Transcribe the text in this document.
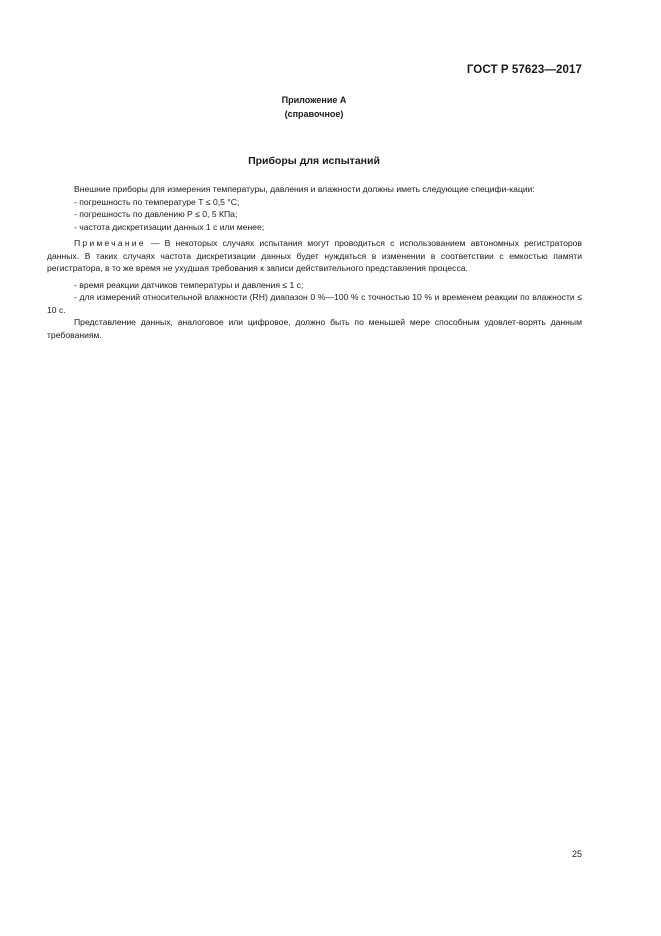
ГОСТ Р 57623—2017
Приложение А
(справочное)
Приборы для испытаний

Внешние приборы для измерения температуры, давления и влажности должны иметь следующие специфи-кации:

- погрешность по температуре Т ≤ 0,5 °С;

- погрешность по давлению Р ≤ 0, 5 КПа;

- частота дискретизации данных 1 с или менее;

Примечание — В некоторых случаях испытания могут проводиться с использованием автономных регистраторов данных. В таких случаях частота дискретизации данных будет нуждаться в изменении в соответствии с емкостью памяти регистратора, в то же время не ухудшая требования к записи действительного представления процесса.

- время реакции датчиков температуры и давления ≤ 1 с;

- для измерений относительной влажности (RH) диапазон 0 %—100 % с точностью 10 % и временем реакции по влажности ≤ 10 с.

Представление данных, аналоговое или цифровое, должно быть по меньшей мере способным удовлет-ворять данным требованиям.

25
